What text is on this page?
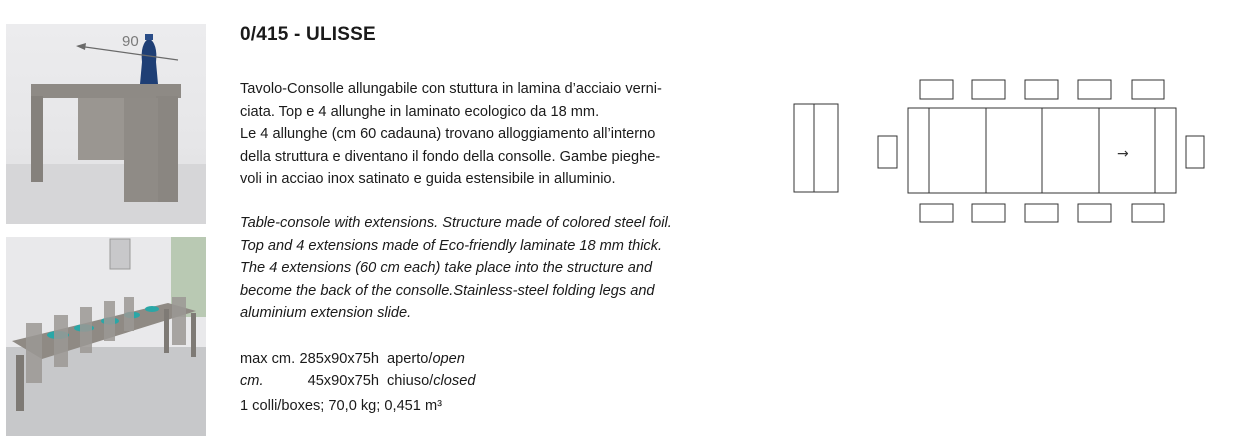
90	0/415 - ULISSE

Tavolo-Consolle allungabile con stuttura in lamina d’acciaio verni-
ciata. Top e 4 allunghe in laminato ecologico da 18 mm.
Le 4 allunghe (cm 60 cadauna) trovano alloggiamento all’interno
della struttura e diventano il fondo della consolle. Gambe pieghe-
voli in acciao inox satinato e guida estensibile in alluminio.

Table-console with extensions. Structure made of colored steel foil.
Top and 4 extensions made of Eco-friendly laminate 18 mm thick.
The 4 extensions (60 cm each) take place into the structure and
become the back of the consolle.Stainless-steel folding legs and
aluminium extension slide.

max cm. 285x90x75h aperto/open
cm.	45x90x75h chiuso/closed
1 colli/boxes; 70,0 kg; 0,451 m³
→
